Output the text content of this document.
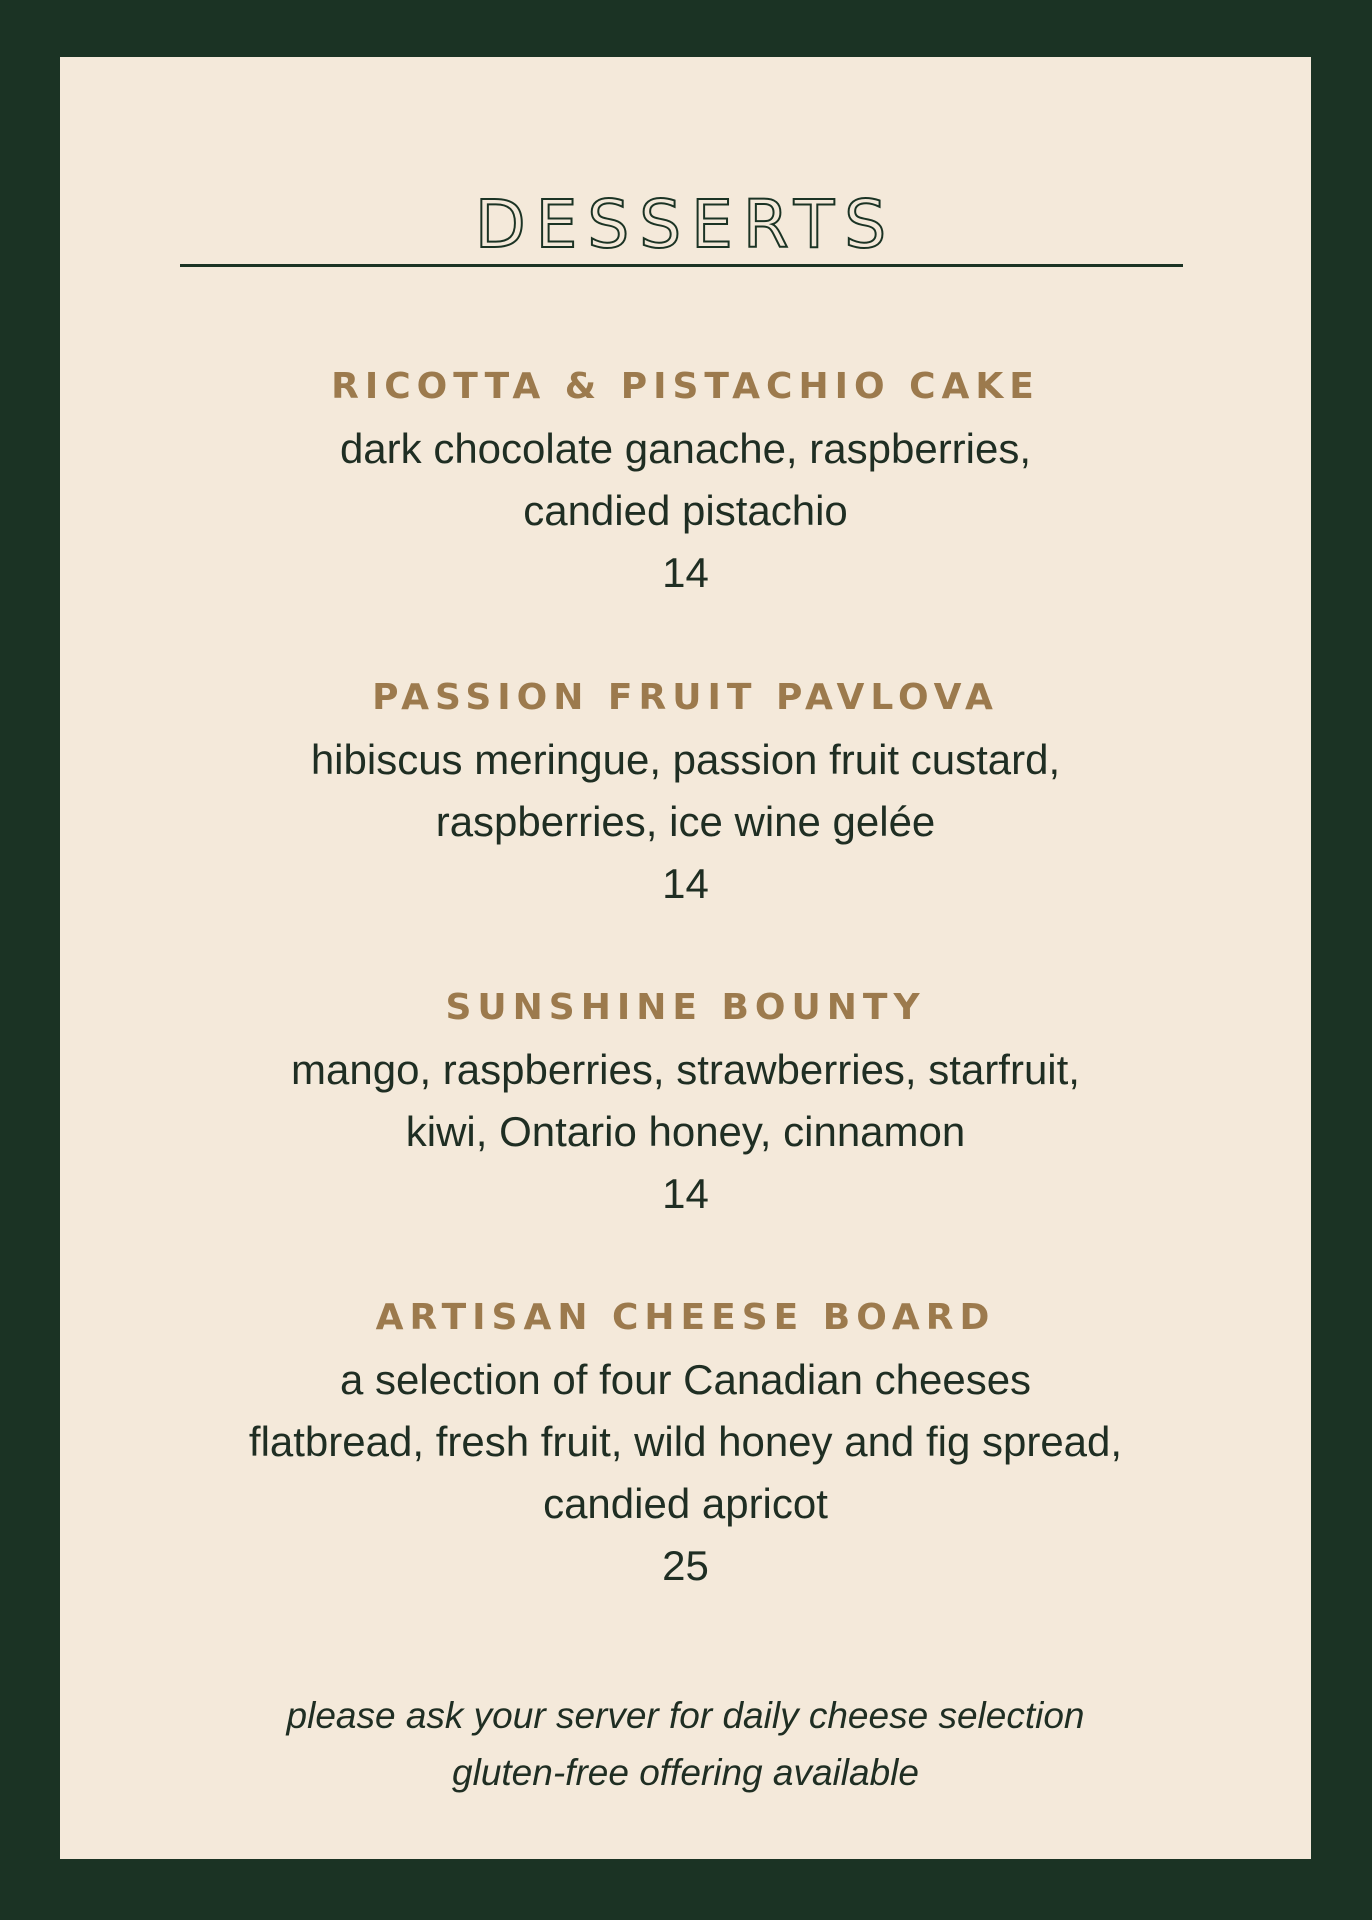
DESSERTS

RICOTTA & PISTACHIO CAKE

dark chocolate ganache, raspberries,

candied pistachio

14

PASSION FRUIT PAVLOVA

hibiscus meringue, passion fruit custard,

raspberries, ice wine gelée

14

SUNSHINE BOUNTY

mango, raspberries, strawberries, starfruit,

kiwi, Ontario honey, cinnamon

14

ARTISAN CHEESE BOARD

a selection of four Canadian cheeses

flatbread, fresh fruit, wild honey and fig spread,

candied apricot

25

please ask your server for daily cheese selection

gluten-free offering available
